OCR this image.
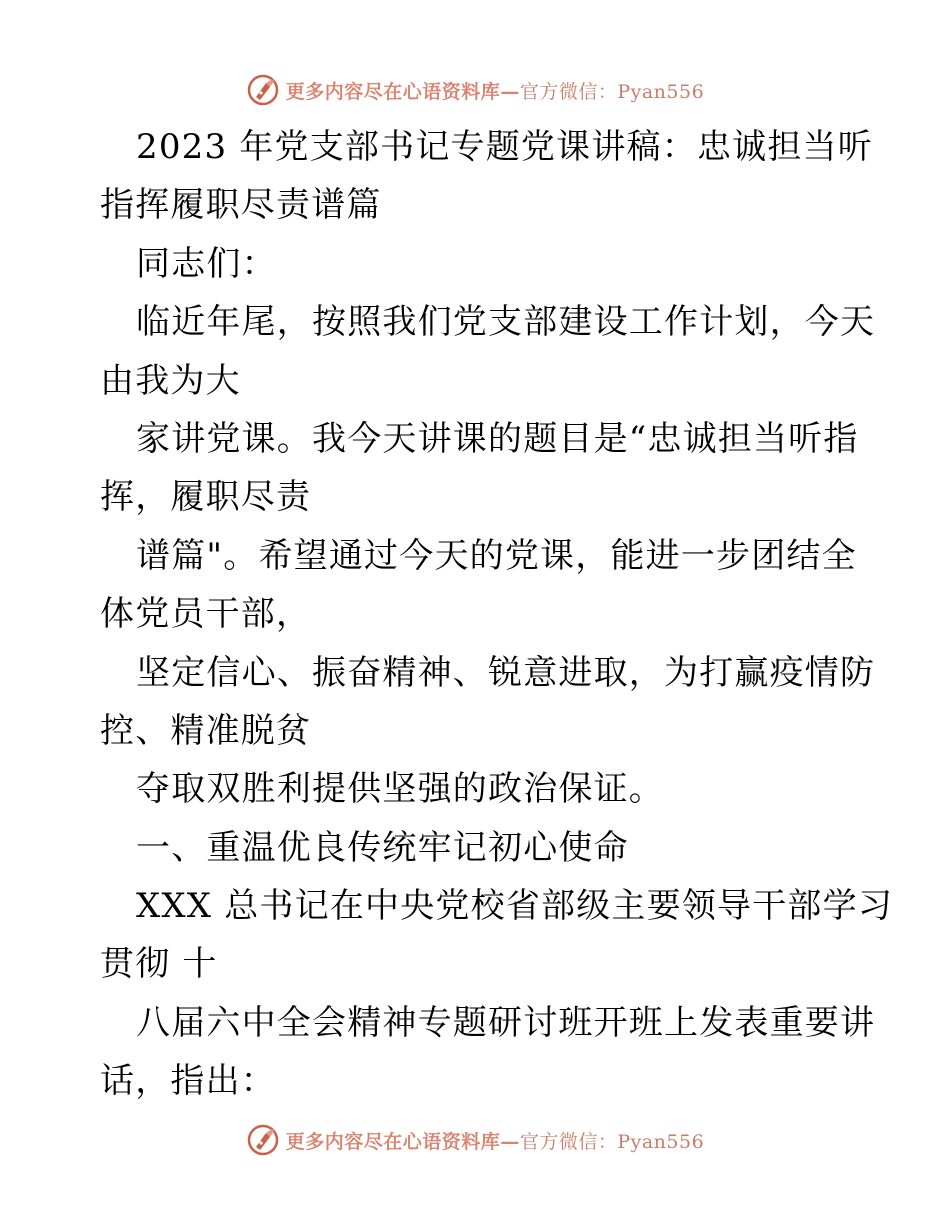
更多内容尽在心语资料库—官方微信：Pyan556
2023 年党支部书记专题党课讲稿：忠诚担当听
指挥履职尽责谱篇
同志们：
临近年尾，按照我们党支部建设工作计划，今天
由我为大
家讲党课。我今天讲课的题目是“忠诚担当听指
挥，履职尽责
谱篇"。希望通过今天的党课，能进一步团结全
体党员干部，
坚定信心、振奋精神、锐意进取，为打赢疫情防
控、精准脱贫
夺取双胜利提供坚强的政治保证。
一、重温优良传统牢记初心使命
XXX 总书记在中央党校省部级主要领导干部学习
贯彻 十
八届六中全会精神专题研讨班开班上发表重要讲
话，指出：
更多内容尽在心语资料库—官方微信：Pyan556
